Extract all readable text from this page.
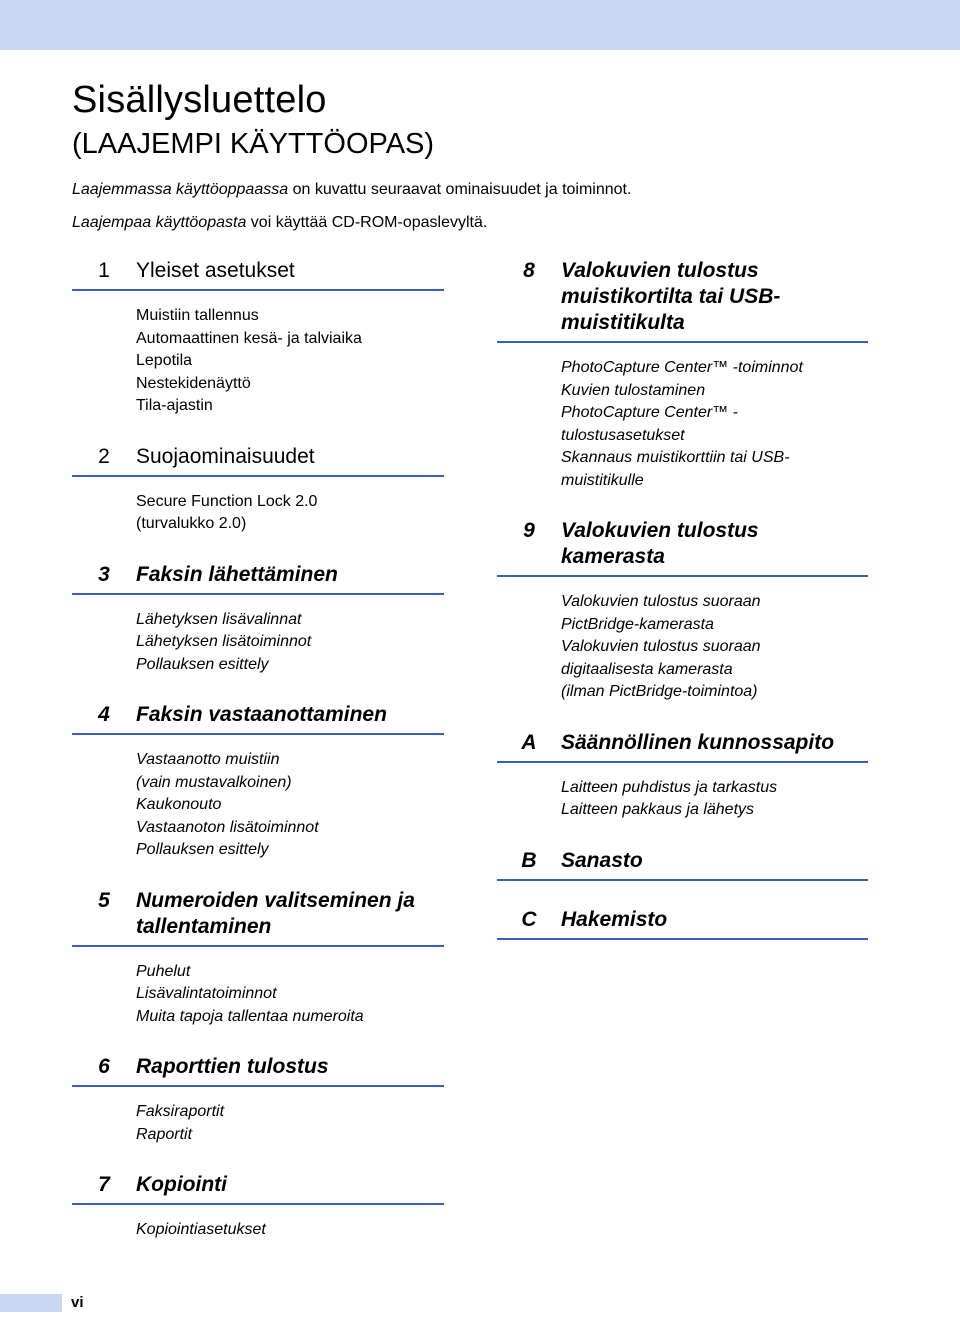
Sisällysluettelo
(LAAJEMPI KÄYTTÖOPAS)

Laajemmassa käyttöoppaassa on kuvattu seuraavat ominaisuudet ja toiminnot.

Laajempaa käyttöopasta voi käyttää CD-ROM-opaslevyltä.

1	Yleiset asetukset
Muistiin tallennus
Automaattinen kesä- ja talviaika
Lepotila
Nestekidenäyttö
Tila-ajastin
2	Suojaominaisuudet
Secure Function Lock 2.0
(turvalukko 2.0)
3	Faksin lähettäminen
Lähetyksen lisävalinnat
Lähetyksen lisätoiminnot
Pollauksen esittely
4	Faksin vastaanottaminen
Vastaanotto muistiin
(vain mustavalkoinen)
Kaukonouto
Vastaanoton lisätoiminnot
Pollauksen esittely
5	Numeroiden valitseminen ja tallentaminen
Puhelut
Lisävalintatoiminnot
Muita tapoja tallentaa numeroita
6	Raporttien tulostus
Faksiraportit
Raportit
7	Kopiointi
Kopiointiasetukset
8	Valokuvien tulostus muistikortilta tai USB-muistitikulta
PhotoCapture Center™ -toiminnot
Kuvien tulostaminen
PhotoCapture Center™ -
tulostusasetukset
Skannaus muistikorttiin tai USB-
muistitikulle
9	Valokuvien tulostus kamerasta
Valokuvien tulostus suoraan
PictBridge-kamerasta
Valokuvien tulostus suoraan
digitaalisesta kamerasta
(ilman PictBridge-toimintoa)
A	Säännöllinen kunnossapito
Laitteen puhdistus ja tarkastus
Laitteen pakkaus ja lähetys
B	Sanasto
C	Hakemisto
vi
